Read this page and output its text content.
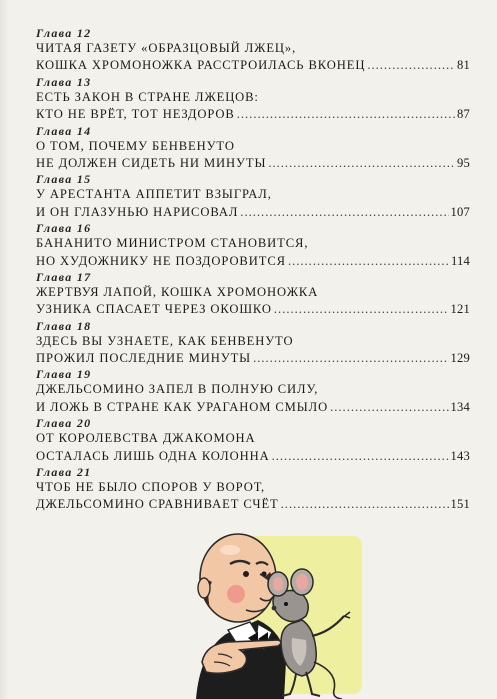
Глава 12
ЧИТАЯ ГАЗЕТУ «ОБРАЗЦОВЫЙ ЛЖЕЦ»,
КОШКА ХРОМОНОЖКА РАССТРОИЛАСЬ ВКОНЕЦ .....	81
Глава 13
ЕСТЬ ЗАКОН В СТРАНЕ ЛЖЕЦОВ:
КТО НЕ ВРЁТ, ТОТ НЕЗДОРОВ .....	87
Глава 14
О ТОМ, ПОЧЕМУ БЕНВЕНУТО
НЕ ДОЛЖЕН СИДЕТЬ НИ МИНУТЫ .....	95
Глава 15
У АРЕСТАНТА АППЕТИТ ВЗЫГРАЛ,
И ОН ГЛАЗУНЬЮ НАРИСОВАЛ .....	107
Глава 16
БАНАНИТО МИНИСТРОМ СТАНОВИТСЯ,
НО ХУДОЖНИКУ НЕ ПОЗДОРОВИТСЯ .....	114
Глава 17
ЖЕРТВУЯ ЛАПОЙ, КОШКА ХРОМОНОЖКА
УЗНИКА СПАСАЕТ ЧЕРЕЗ ОКОШКО .....	121
Глава 18
ЗДЕСЬ ВЫ УЗНАЕТЕ, КАК БЕНВЕНУТО
ПРОЖИЛ ПОСЛЕДНИЕ МИНУТЫ .....	129
Глава 19
ДЖЕЛЬСОМИНО ЗАПЕЛ В ПОЛНУЮ СИЛУ,
И ЛОЖЬ В СТРАНЕ КАК УРАГАНОМ СМЫЛО .....	134
Глава 20
ОТ КОРОЛЕВСТВА ДЖАКОМОНА
ОСТАЛАСЬ ЛИШЬ ОДНА КОЛОННА .....	143
Глава 21
ЧТОБ НЕ БЫЛО СПОРОВ У ВОРОТ,
ДЖЕЛЬСОМИНО СРАВНИВАЕТ СЧЁТ .....	151
